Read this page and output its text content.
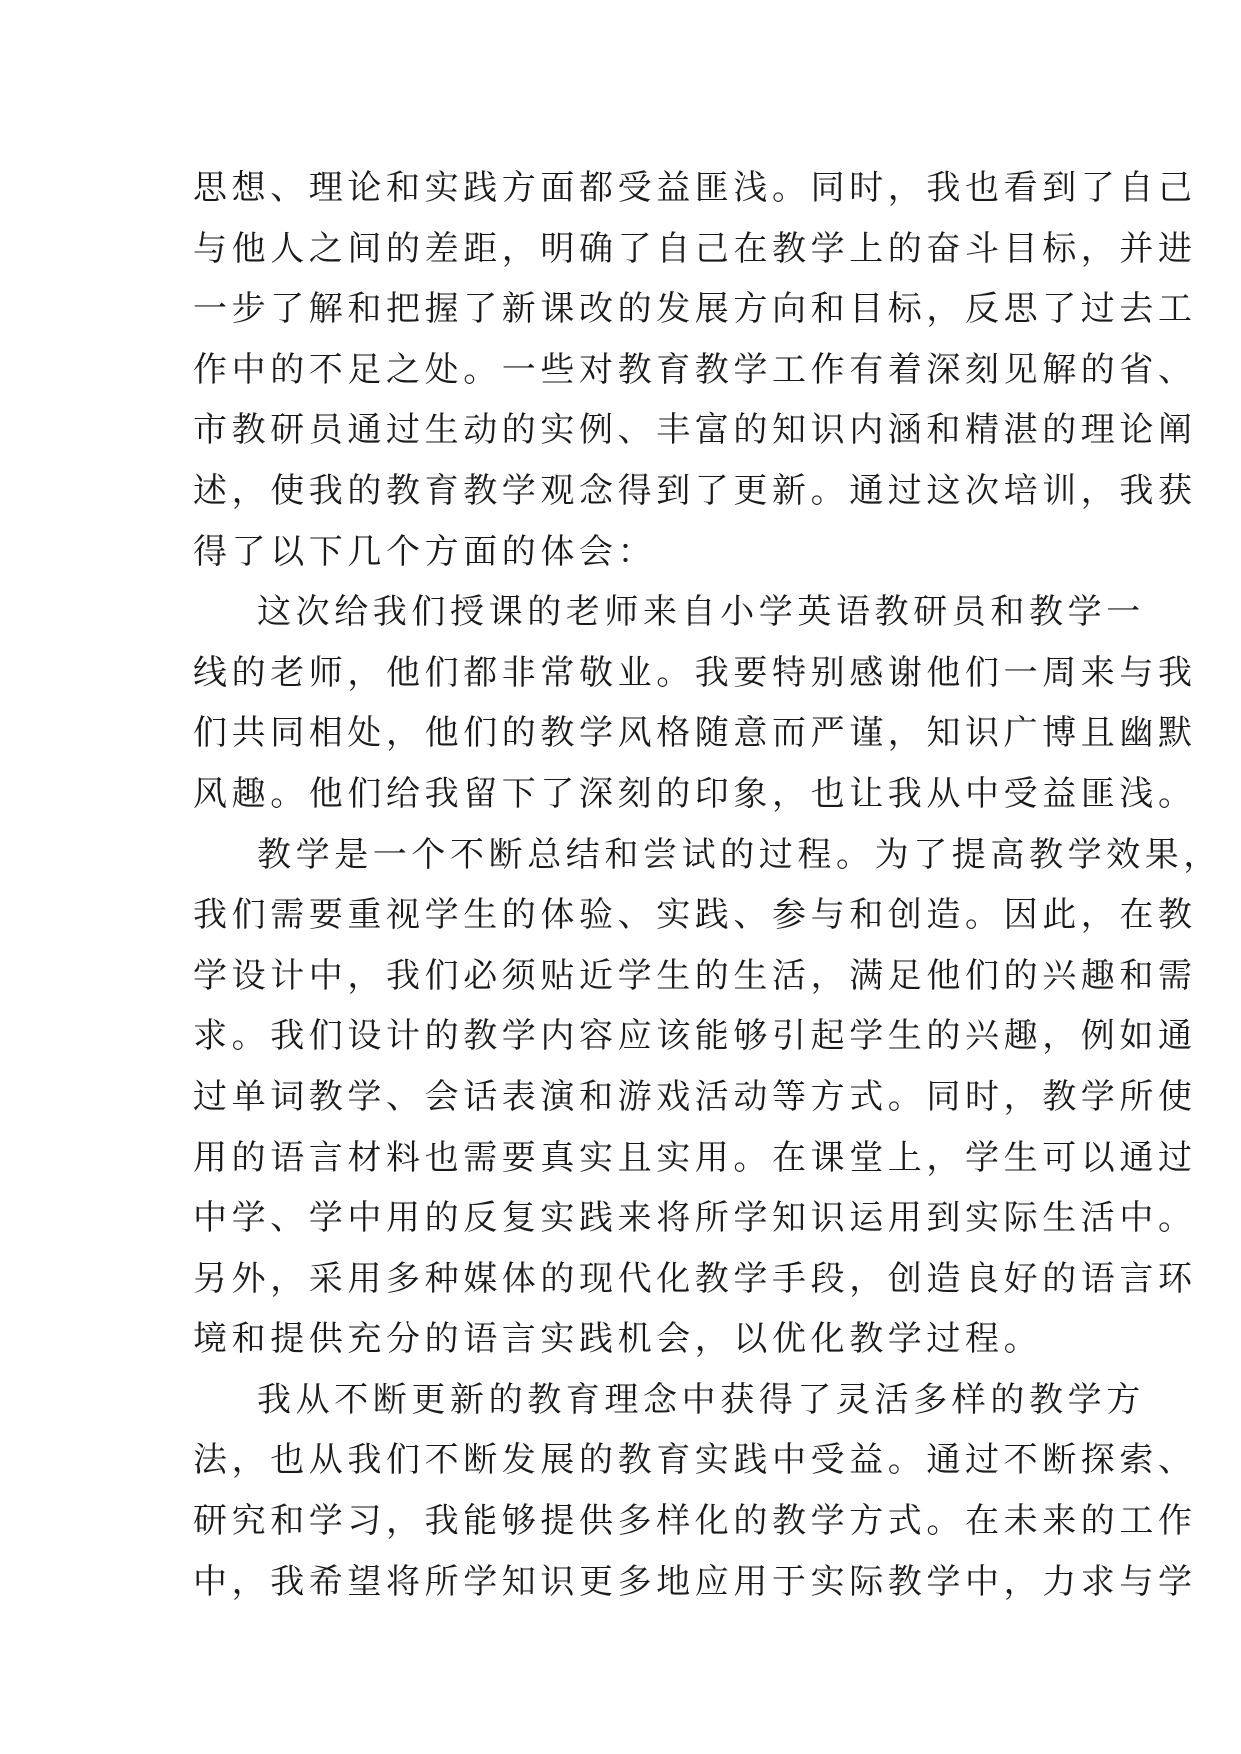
思想、理论和实践方面都受益匪浅。同时，我也看到了自己
与他人之间的差距，明确了自己在教学上的奋斗目标，并进
一步了解和把握了新课改的发展方向和目标，反思了过去工
作中的不足之处。一些对教育教学工作有着深刻见解的省、
市教研员通过生动的实例、丰富的知识内涵和精湛的理论阐
述，使我的教育教学观念得到了更新。通过这次培训，我获
得了以下几个方面的体会：
这次给我们授课的老师来自小学英语教研员和教学一
线的老师，他们都非常敬业。我要特别感谢他们一周来与我
们共同相处，他们的教学风格随意而严谨，知识广博且幽默
风趣。他们给我留下了深刻的印象，也让我从中受益匪浅。
教学是一个不断总结和尝试的过程。为了提高教学效果，
我们需要重视学生的体验、实践、参与和创造。因此，在教
学设计中，我们必须贴近学生的生活，满足他们的兴趣和需
求。我们设计的教学内容应该能够引起学生的兴趣，例如通
过单词教学、会话表演和游戏活动等方式。同时，教学所使
用的语言材料也需要真实且实用。在课堂上，学生可以通过
中学、学中用的反复实践来将所学知识运用到实际生活中。
另外，采用多种媒体的现代化教学手段，创造良好的语言环
境和提供充分的语言实践机会，以优化教学过程。
我从不断更新的教育理念中获得了灵活多样的教学方
法，也从我们不断发展的教育实践中受益。通过不断探索、
研究和学习，我能够提供多样化的教学方式。在未来的工作
中，我希望将所学知识更多地应用于实际教学中，力求与学
